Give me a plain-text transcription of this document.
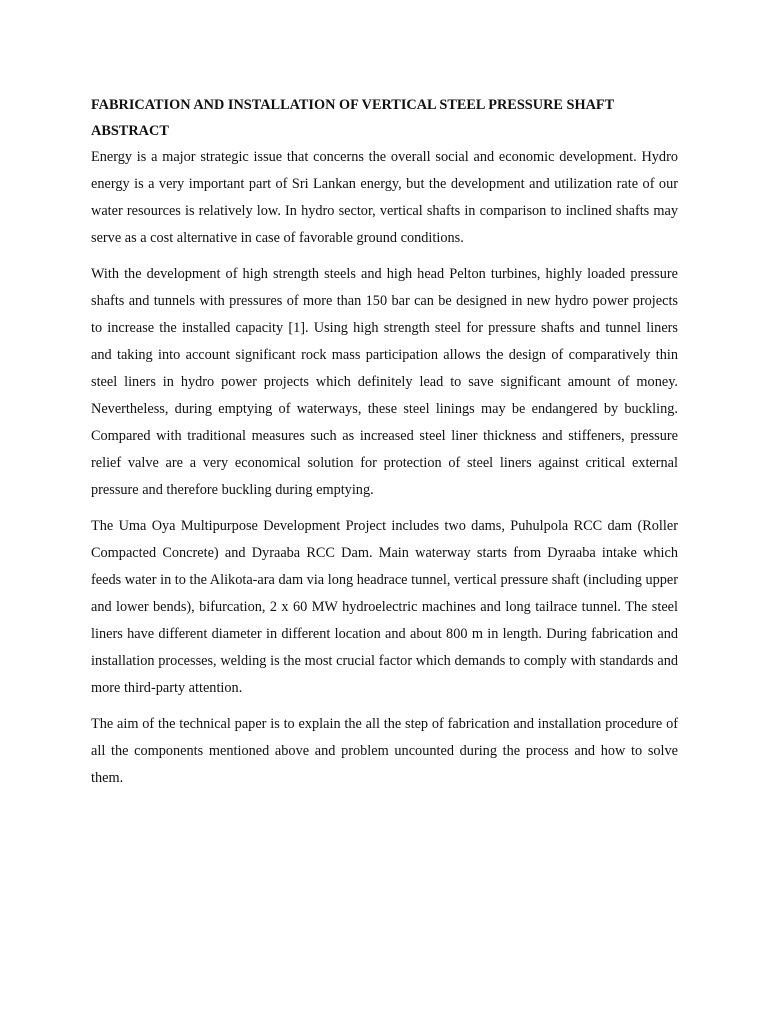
FABRICATION AND INSTALLATION OF VERTICAL STEEL PRESSURE SHAFT
ABSTRACT

Energy is a major strategic issue that concerns the overall social and economic development. Hydro energy is a very important part of Sri Lankan energy, but the development and utilization rate of our water resources is relatively low. In hydro sector, vertical shafts in comparison to inclined shafts may serve as a cost alternative in case of favorable ground conditions.

With the development of high strength steels and high head Pelton turbines, highly loaded pressure shafts and tunnels with pressures of more than 150 bar can be designed in new hydro power projects to increase the installed capacity [1]. Using high strength steel for pressure shafts and tunnel liners and taking into account significant rock mass participation allows the design of comparatively thin steel liners in hydro power projects which definitely lead to save significant amount of money. Nevertheless, during emptying of waterways, these steel linings may be endangered by buckling. Compared with traditional measures such as increased steel liner thickness and stiffeners, pressure relief valve are a very economical solution for protection of steel liners against critical external pressure and therefore buckling during emptying.

The Uma Oya Multipurpose Development Project includes two dams, Puhulpola RCC dam (Roller Compacted Concrete) and Dyraaba RCC Dam. Main waterway starts from Dyraaba intake which feeds water in to the Alikota-ara dam via long headrace tunnel, vertical pressure shaft (including upper and lower bends), bifurcation, 2 x 60 MW hydroelectric machines and long tailrace tunnel. The steel liners have different diameter in different location and about 800 m in length. During fabrication and installation processes, welding is the most crucial factor which demands to comply with standards and more third-party attention.

The aim of the technical paper is to explain the all the step of fabrication and installation procedure of all the components mentioned above and problem uncounted during the process and how to solve them.
